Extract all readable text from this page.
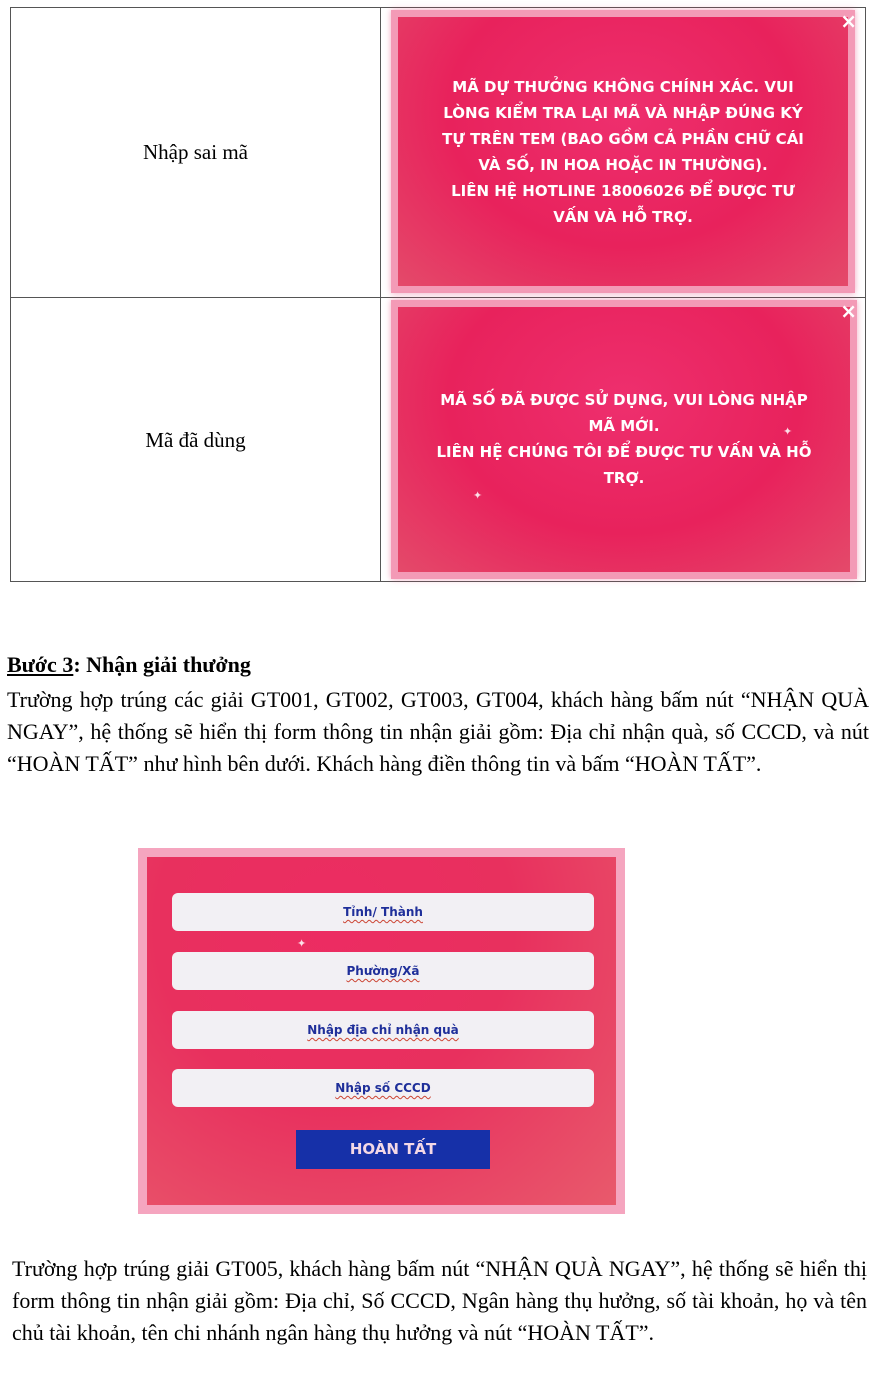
Nhập sai mã
Mã đã dùng
×
MÃ DỰ THƯỞNG KHÔNG CHÍNH XÁC. VUI
LÒNG KIỂM TRA LẠI MÃ VÀ NHẬP ĐÚNG KÝ
TỰ TRÊN TEM (BAO GỒM CẢ PHẦN CHỮ CÁI
VÀ SỐ, IN HOA HOẶC IN THƯỜNG).
LIÊN HỆ HOTLINE 18006026 ĐỂ ĐƯỢC TƯ
VẤN VÀ HỖ TRỢ.
×
MÃ SỐ ĐÃ ĐƯỢC SỬ DỤNG, VUI LÒNG NHẬP
MÃ MỚI.
LIÊN HỆ CHÚNG TÔI ĐỂ ĐƯỢC TƯ VẤN VÀ HỖ
TRỢ.
✦
✦
Bước 3: Nhận giải thưởng
Trường hợp trúng các giải GT001, GT002, GT003, GT004, khách hàng bấm nút “NHẬN QUÀ NGAY”, hệ thống sẽ hiển thị form thông tin nhận giải gồm: Địa chỉ nhận quà, số CCCD, và nút “HOÀN TẤT” như hình bên dưới. Khách hàng điền thông tin và bấm “HOÀN TẤT”.
Tỉnh/ Thành
Phường/Xã
Nhập địa chỉ nhận quà
Nhập số CCCD
HOÀN TẤT
✦
Trường hợp trúng giải GT005, khách hàng bấm nút “NHẬN QUÀ NGAY”, hệ thống sẽ hiển thị form thông tin nhận giải gồm: Địa chỉ, Số CCCD, Ngân hàng thụ hưởng, số tài khoản, họ và tên chủ tài khoản, tên chi nhánh ngân hàng thụ hưởng và nút “HOÀN TẤT”.
